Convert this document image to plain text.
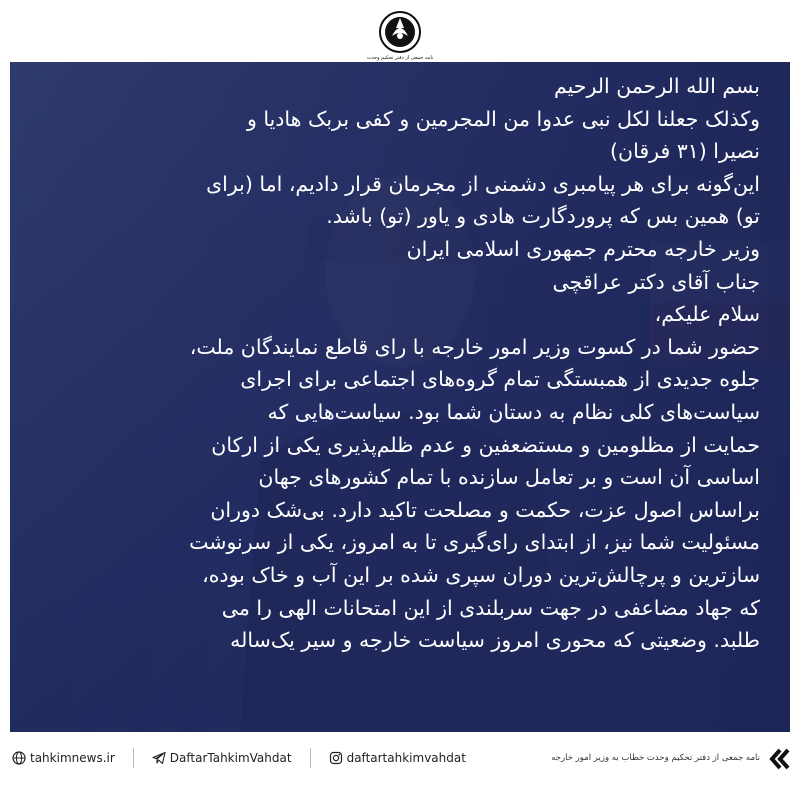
نامه جمعی از دفتر تحکیم وحدت

بسم الله الرحمن الرحیم

وکذلک جعلنا لکل نبی عدوا من المجرمین و کفی بربک هادیا و

نصیرا (۳۱ فرقان)

این‌گونه برای هر پیامبری دشمنی از مجرمان قرار دادیم، اما (برای

تو) همین بس که پروردگارت هادی و یاور (تو) باشد.

وزیر خارجه محترم جمهوری اسلامی ایران

جناب آقای دکتر عراقچی

سلام علیکم،

حضور شما در کسوت وزیر امور خارجه با رای قاطع نمایندگان ملت،

جلوه جدیدی از همبستگی تمام گروه‌های اجتماعی برای اجرای

سیاست‌های کلی نظام به دستان شما بود. سیاست‌هایی که

حمایت از مظلومین و مستضعفین و عدم ظلم‌پذیری یکی از ارکان

اساسی آن است و بر تعامل سازنده با تمام کشورهای جهان

براساس اصول عزت، حکمت و مصلحت تاکید دارد. بی‌شک دوران

مسئولیت شما نیز، از ابتدای رای‌گیری تا به امروز، یکی از سرنوشت

سازترین و پرچالش‌ترین دوران سپری شده بر این آب و خاک بوده،

که جهاد مضاعفی در جهت سربلندی از این امتحانات الهی را می

طلبد. وضعیتی که محوری امروز سیاست خارجه و سیر یک‌ساله

tahkimnews.ir	DaftarTahkimVahdat	daftartahkimvahdat	نامه جمعی از دفتر تحکیم وحدت خطاب به وزیر امور خارجه
